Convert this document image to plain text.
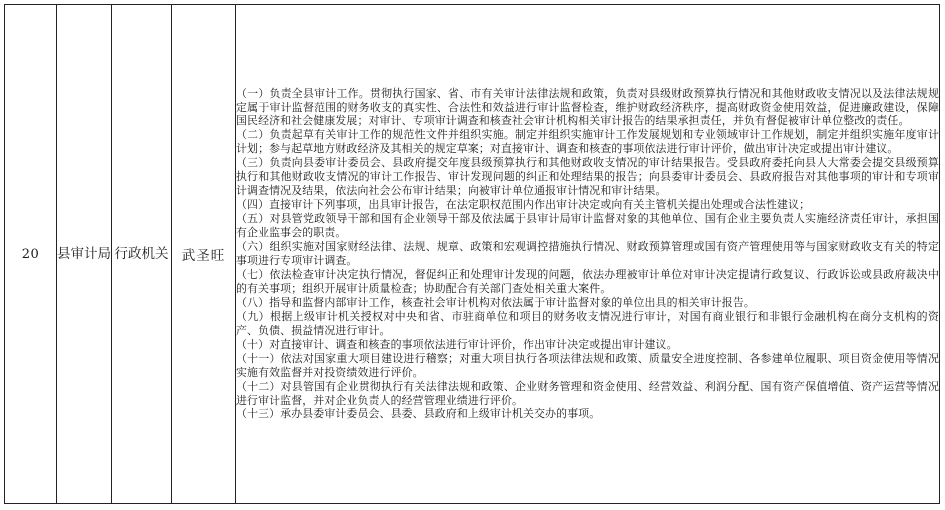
20	县审计局	行政机关	武圣旺	
（一）负责全县审计工作。贯彻执行国家、省、市有关审计法律法规和政策，负责对县级财政预算执行情况和其他财政收支情况以及法律法规规定属于审计监督范围的财务收支的真实性、合法性和效益进行审计监督检查，维护财政经济秩序，提高财政资金使用效益，促进廉政建设，保障国民经济和社会健康发展；对审计、专项审计调查和核查社会审计机构相关审计报告的结果承担责任，并负有督促被审计单位整改的责任。
（二）负责起草有关审计工作的规范性文件并组织实施。制定并组织实施审计工作发展规划和专业领域审计工作规划，制定并组织实施年度审计计划；参与起草地方财政经济及其相关的规定草案；对直接审计、调查和核查的事项依法进行审计评价，做出审计决定或提出审计建议。
（三）负责向县委审计委员会、县政府提交年度县级预算执行和其他财政收支情况的审计结果报告。受县政府委托向县人大常委会提交县级预算执行和其他财政收支情况的审计工作报告、审计发现问题的纠正和处理结果的报告；向县委审计委员会、县政府报告对其他事项的审计和专项审计调查情况及结果，依法向社会公布审计结果；向被审计单位通报审计情况和审计结果。
（四）直接审计下列事项，出具审计报告，在法定职权范围内作出审计决定或向有关主管机关提出处理或合法性建议；
（五）对县管党政领导干部和国有企业领导干部及依法属于县审计局审计监督对象的其他单位、国有企业主要负责人实施经济责任审计，承担国有企业监事会的职责。
（六）组织实施对国家财经法律、法规、规章、政策和宏观调控措施执行情况、财政预算管理或国有资产管理使用等与国家财政收支有关的特定事项进行专项审计调查。
（七）依法检查审计决定执行情况，督促纠正和处理审计发现的问题，依法办理被审计单位对审计决定提请行政复议、行政诉讼或县政府裁决中的有关事项；组织开展审计质量检查；协助配合有关部门查处相关重大案件。
（八）指导和监督内部审计工作，核查社会审计机构对依法属于审计监督对象的单位出具的相关审计报告。
（九）根据上级审计机关授权对中央和省、市驻商单位和项目的财务收支情况进行审计，对国有商业银行和非银行金融机构在商分支机构的资产、负债、损益情况进行审计。
（十）对直接审计、调查和核查的事项依法进行审计评价，作出审计决定或提出审计建议。
（十一）依法对国家重大项目建设进行稽察；对重大项目执行各项法律法规和政策、质量安全进度控制、各参建单位履职、项目资金使用等情况实施有效监督并对投资绩效进行评价。
（十二）对县管国有企业贯彻执行有关法律法规和政策、企业财务管理和资金使用、经营效益、利润分配、国有资产保值增值、资产运营等情况进行审计监督，并对企业负责人的经营管理业绩进行评价。
（十三）承办县委审计委员会、县委、县政府和上级审计机关交办的事项。
